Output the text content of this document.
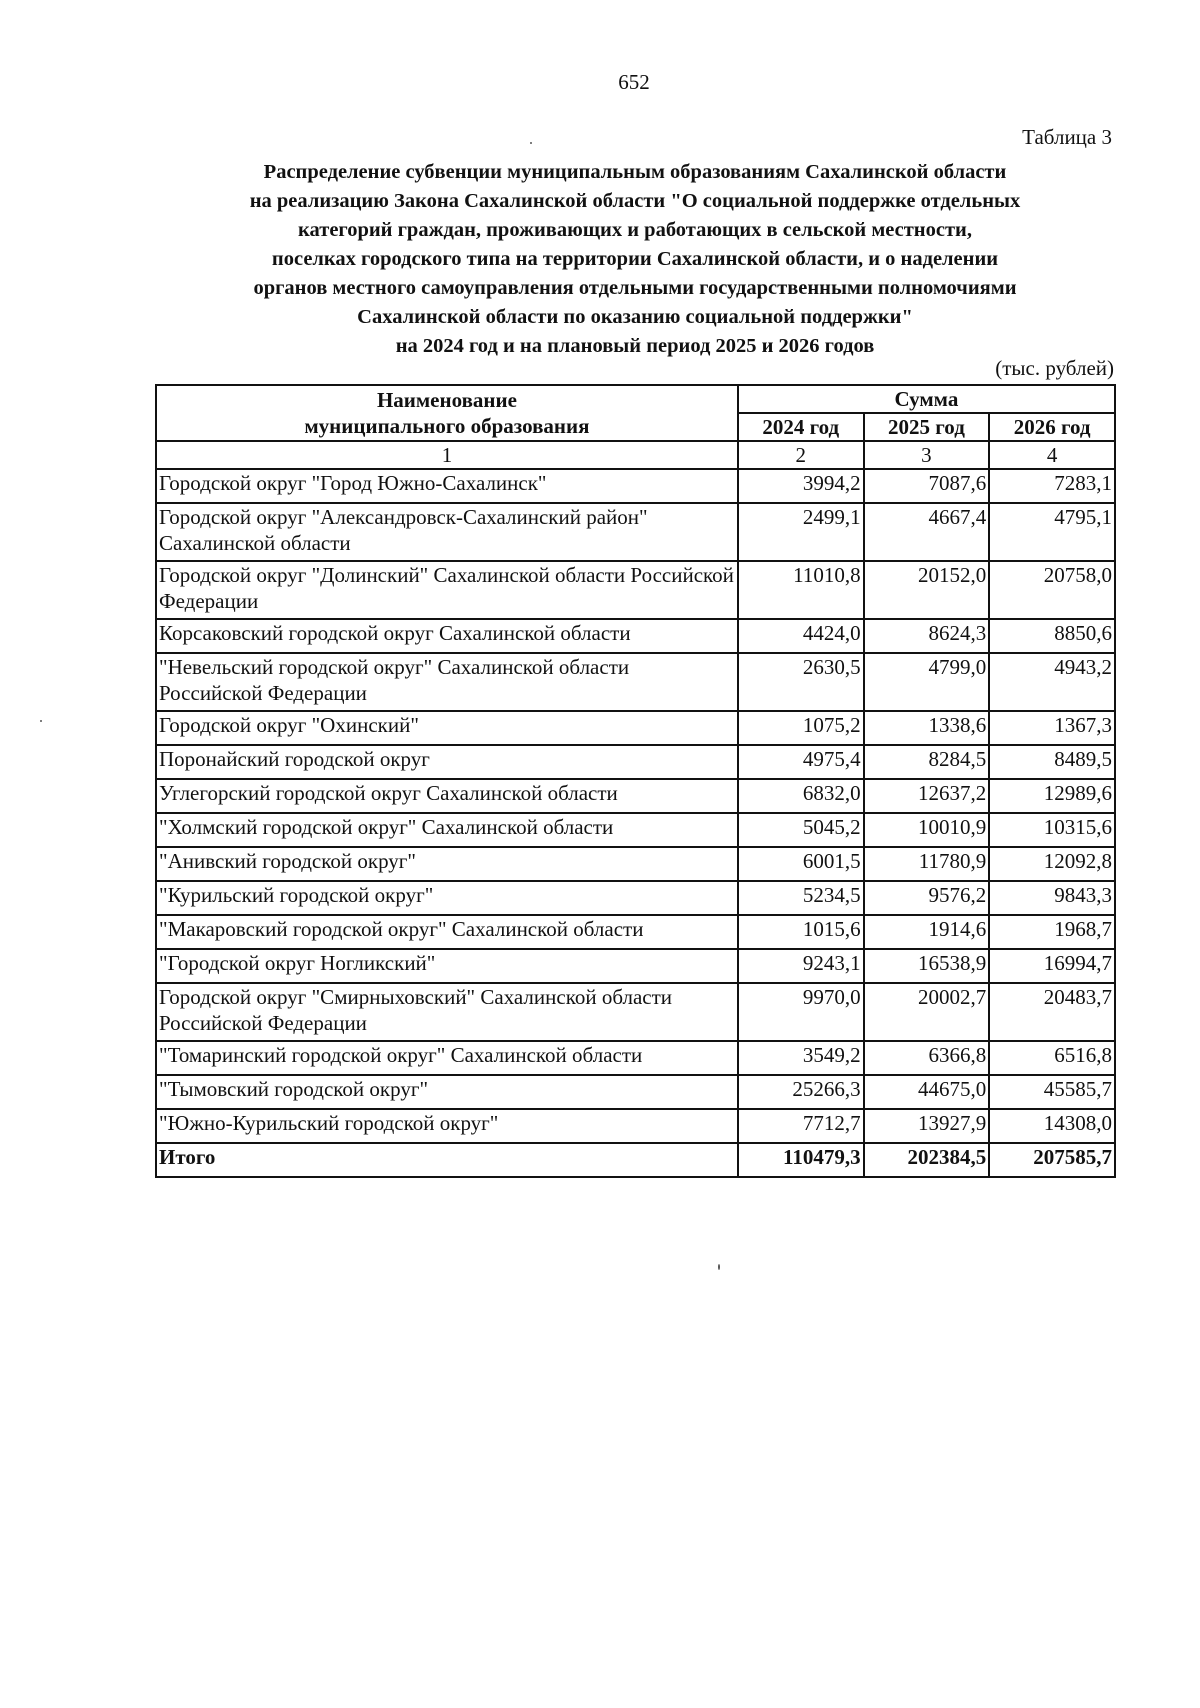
652
Таблица 3
Распределение субвенции муниципальным образованиям Сахалинской области
на реализацию Закона Сахалинской области "О социальной поддержке отдельных
категорий граждан, проживающих и работающих в сельской местности,
поселках городского типа на территории Сахалинской области, и о наделении
органов местного самоуправления отдельными государственными полномочиями
Сахалинской области по оказанию социальной поддержки"
на 2024 год и на плановый период 2025 и 2026 годов
(тыс. рублей)
Наименование
муниципального образования	Сумма		
	2024 год	2025 год	2026 год
1	2	3	4
Городской округ "Город Южно-Сахалинск"	3994,2	7087,6	7283,1
Городской округ "Александровск-Сахалинский район" Сахалинской области	2499,1	4667,4	4795,1
Городской округ "Долинский" Сахалинской области Российской Федерации	11010,8	20152,0	20758,0
Корсаковский городской округ Сахалинской области	4424,0	8624,3	8850,6
"Невельский городской округ" Сахалинской области Российской Федерации	2630,5	4799,0	4943,2
Городской округ "Охинский"	1075,2	1338,6	1367,3
Поронайский городской округ	4975,4	8284,5	8489,5
Углегорский городской округ Сахалинской области	6832,0	12637,2	12989,6
"Холмский городской округ" Сахалинской области	5045,2	10010,9	10315,6
"Анивский городской округ"	6001,5	11780,9	12092,8
"Курильский городской округ"	5234,5	9576,2	9843,3
"Макаровский городской округ" Сахалинской области	1015,6	1914,6	1968,7
"Городской округ Ногликский"	9243,1	16538,9	16994,7
Городской округ "Смирныховский" Сахалинской области Российской Федерации	9970,0	20002,7	20483,7
"Томаринский городской округ" Сахалинской области	3549,2	6366,8	6516,8
"Тымовский городской округ"	25266,3	44675,0	45585,7
"Южно-Курильский городской округ"	7712,7	13927,9	14308,0
Итого	110479,3	202384,5	207585,7
